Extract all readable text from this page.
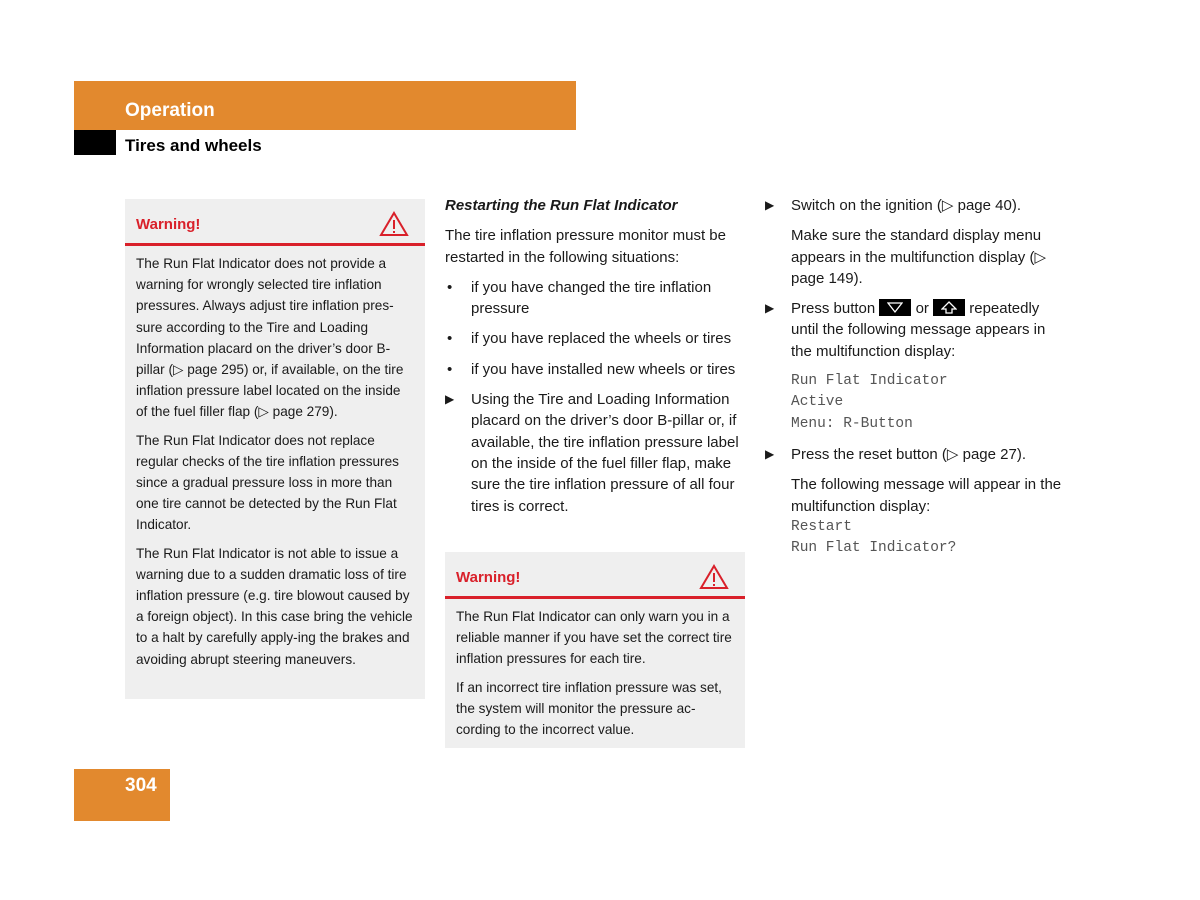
Operation
Tires and wheels
Warning!

The Run Flat Indicator does not provide a warning for wrongly selected tire inflation pressures. Always adjust tire inflation pres-sure according to the Tire and Loading Information placard on the driver’s door B-pillar (▷ page 295) or, if available, on the tire inflation pressure label located on the inside of the fuel filler flap (▷ page 279).

The Run Flat Indicator does not replace regular checks of the tire inflation pressures since a gradual pressure loss in more than one tire cannot be detected by the Run Flat Indicator.

The Run Flat Indicator is not able to issue a warning due to a sudden dramatic loss of tire inflation pressure (e.g. tire blowout caused by a foreign object). In this case bring the vehicle to a halt by carefully apply-ing the brakes and avoiding abrupt steering maneuvers.

Restarting the Run Flat Indicator

The tire inflation pressure monitor must be restarted in the following situations:

• if you have changed the tire inflation pressure
• if you have replaced the wheels or tires
• if you have installed new wheels or tires
▶ Using the Tire and Loading Information placard on the driver’s door B-pillar or, if available, the tire inflation pressure label on the inside of the fuel filler flap, make sure the tire inflation pressure of all four tires is correct.
Warning!

The Run Flat Indicator can only warn you in a reliable manner if you have set the correct tire inflation pressures for each tire.

If an incorrect tire inflation pressure was set, the system will monitor the pressure ac-cording to the incorrect value.

▶ Switch on the ignition (▷ page 40).

Make sure the standard display menu appears in the multifunction display (▷ page 149).

▶ Press button	or	repeatedly until the following message appears in the multifunction display:
Run Flat Indicator
Active
Menu: R-Button
▶ Press the reset button (▷ page 27).

The following message will appear in the multifunction display:

Restart
Run Flat Indicator?
304
